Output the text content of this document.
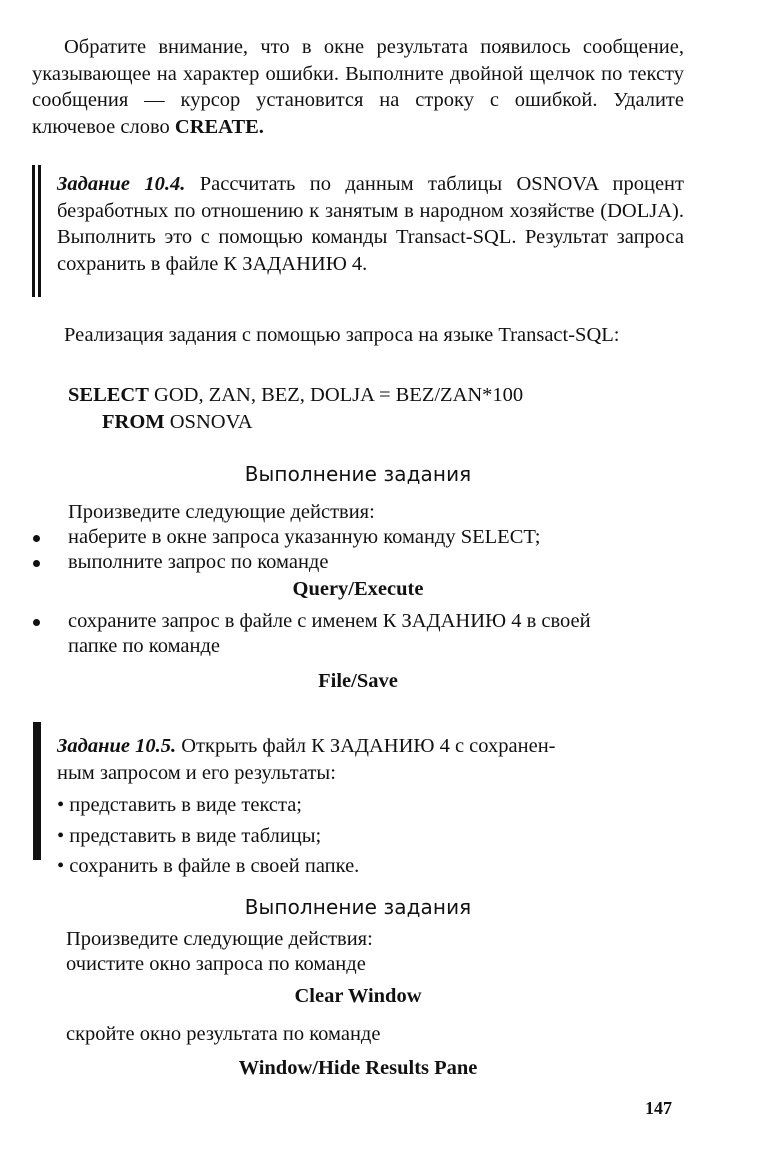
Обратите внимание, что в окне результата появилось сообщение, указывающее на характер ошибки. Выполните двойной щелчок по тексту сообщения — курсор установится на строку с ошибкой. Удалите ключевое слово CREATE.
Задание 10.4. Рассчитать по данным таблицы OSNOVA процент безработных по отношению к занятым в народном хозяйстве (DOLJA). Выполнить это с помощью команды Transact-SQL. Результат запроса сохранить в файле К ЗАДАНИЮ 4.
Реализация задания с помощью запроса на языке Transact-SQL:
SELECT GOD, ZAN, BEZ, DOLJA = BEZ/ZAN*100
FROM OSNOVA
Выполнение задания
Произведите следующие действия:
наберите в окне запроса указанную команду SELECT;
выполните запрос по команде
Query/Execute
сохраните запрос в файле с именем К ЗАДАНИЮ 4 в своей
папке по команде
File/Save
Задание 10.5. Открыть файл К ЗАДАНИЮ 4 с сохранен-
ным запросом и его результаты:
• представить в виде текста;
• представить в виде таблицы;
• сохранить в файле в своей папке.
Выполнение задания
Произведите следующие действия:
очистите окно запроса по команде
Clear Window
скройте окно результата по команде
Window/Hide Results Pane
147
